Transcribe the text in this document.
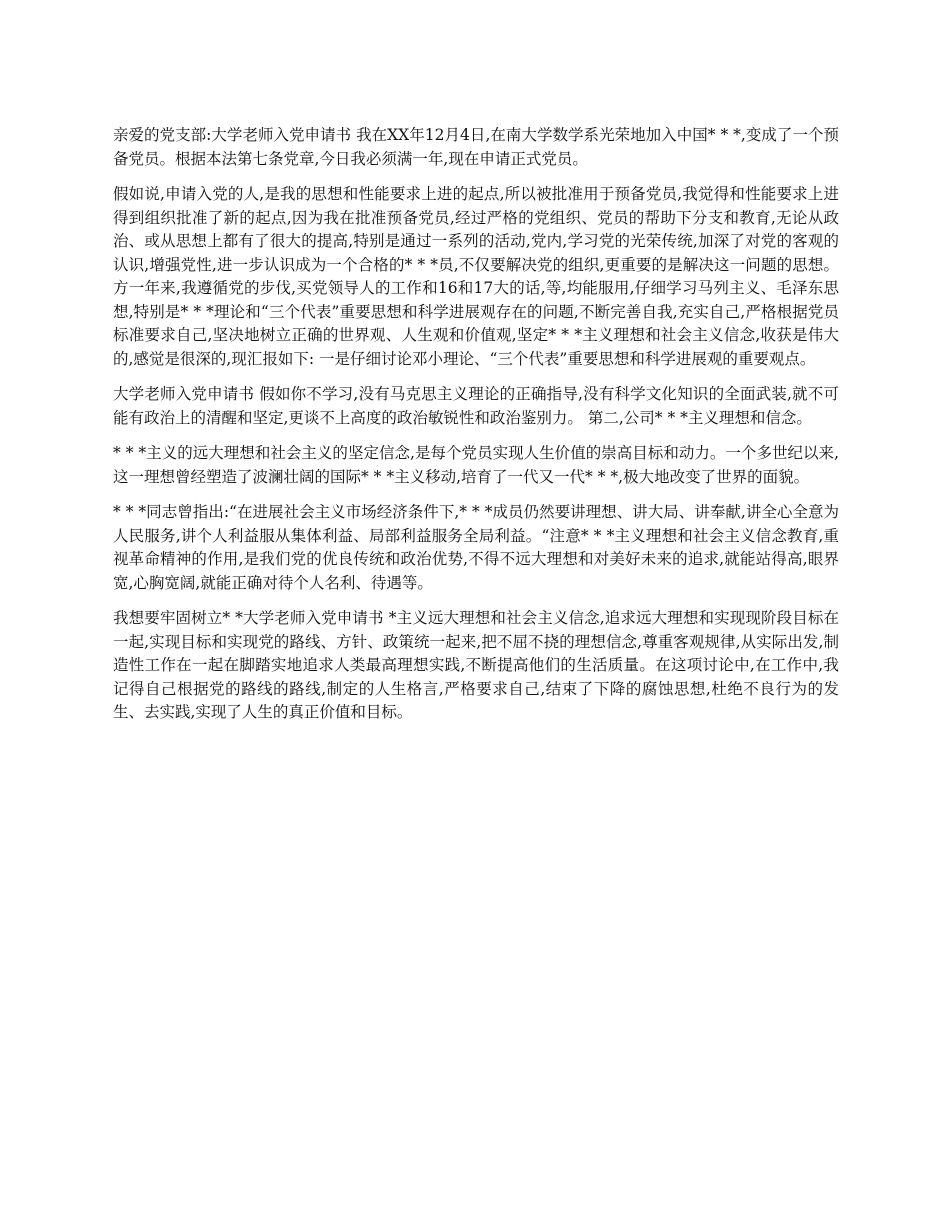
亲爱的党支部:大学老师入党申请书 我在XX年12月4日,在南大学数学系光荣地加入中国* * *,变成了一个预备党员。根据本法第七条党章,今日我必须满一年,现在申请正式党员。

假如说,申请入党的人,是我的思想和性能要求上进的起点,所以被批准用于预备党员,我觉得和性能要求上进得到组织批准了新的起点,因为我在批准预备党员,经过严格的党组织、党员的帮助下分支和教育,无论从政治、或从思想上都有了很大的提高,特别是通过一系列的活动,党内,学习党的光荣传统,加深了对党的客观的认识,增强党性,进一步认识成为一个合格的* * *员,不仅要解决党的组织,更重要的是解决这一问题的思想。方一年来,我遵循党的步伐,买党领导人的工作和16和17大的话,等,均能服用,仔细学习马列主义、毛泽东思想,特别是* * *理论和“三个代表”重要思想和科学进展观存在的问题,不断完善自我,充实自己,严格根据党员标准要求自己,坚决地树立正确的世界观、人生观和价值观,坚定* * *主义理想和社会主义信念,收获是伟大的,感觉是很深的,现汇报如下: 一是仔细讨论邓小理论、“三个代表”重要思想和科学进展观的重要观点。

大学老师入党申请书 假如你不学习,没有马克思主义理论的正确指导,没有科学文化知识的全面武装,就不可能有政治上的清醒和坚定,更谈不上高度的政治敏锐性和政治鉴别力。 第二,公司* * *主义理想和信念。

* * *主义的远大理想和社会主义的坚定信念,是每个党员实现人生价值的崇高目标和动力。一个多世纪以来,这一理想曾经塑造了波澜壮阔的国际* * *主义移动,培育了一代又一代* * *,极大地改变了世界的面貌。

* * *同志曾指出:“在进展社会主义市场经济条件下,* * *成员仍然要讲理想、讲大局、讲奉献,讲全心全意为人民服务,讲个人利益服从集体利益、局部利益服务全局利益。“注意* * *主义理想和社会主义信念教育,重视革命精神的作用,是我们党的优良传统和政治优势,不得不远大理想和对美好未来的追求,就能站得高,眼界宽,心胸宽阔,就能正确对待个人名利、待遇等。

我想要牢固树立* *大学老师入党申请书 *主义远大理想和社会主义信念,追求远大理想和实现现阶段目标在一起,实现目标和实现党的路线、方针、政策统一起来,把不屈不挠的理想信念,尊重客观规律,从实际出发,制造性工作在一起在脚踏实地追求人类最高理想实践,不断提高他们的生活质量。在这项讨论中,在工作中,我记得自己根据党的路线的路线,制定的人生格言,严格要求自己,结束了下降的腐蚀思想,杜绝不良行为的发生、去实践,实现了人生的真正价值和目标。
